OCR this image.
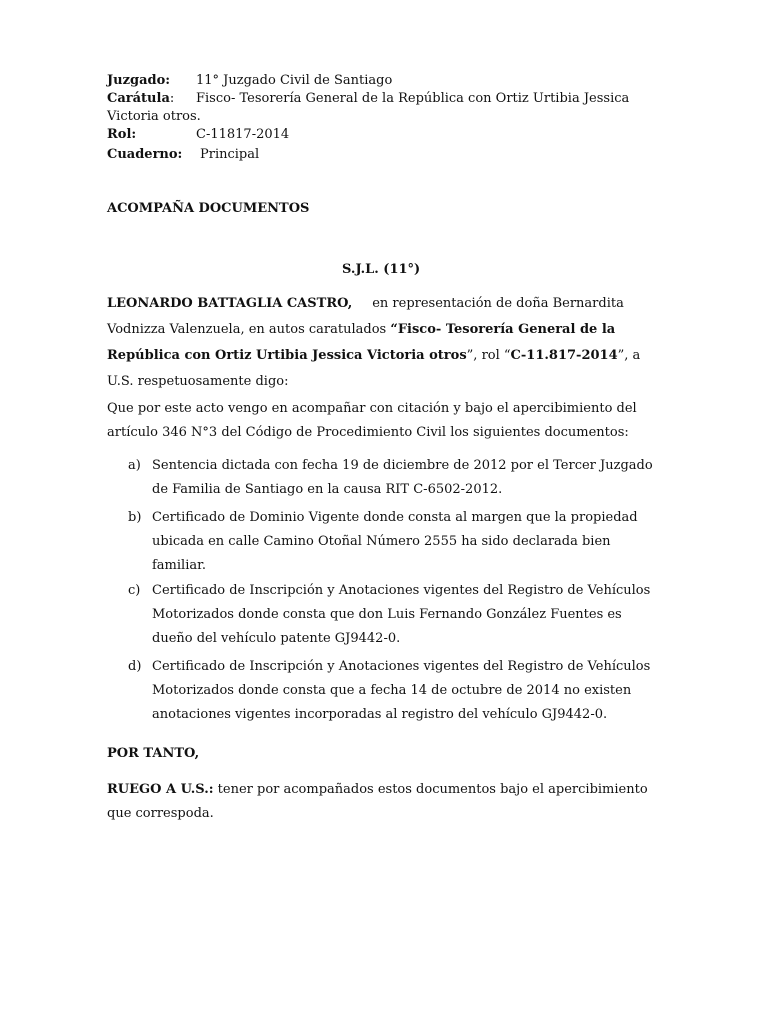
Juzgado: 11° Juzgado Civil de Santiago
Carátula: Fisco- Tesorería General de la República con Ortiz Urtibia Jessica
Victoria otros.
Rol:	C-11817-2014
Cuaderno: Principal
ACOMPAÑA DOCUMENTOS
S.J.L. (11°)
LEONARDO BATTAGLIA CASTRO, en representación de doña Bernardita
Vodnizza Valenzuela, en autos caratulados “Fisco- Tesorería General de la
República con Ortiz Urtibia Jessica Victoria otros”, rol “C-11.817-2014”, a
U.S. respetuosamente digo:
Que por este acto vengo en acompañar con citación y bajo el apercibimiento del
artículo 346 N°3 del Código de Procedimiento Civil los siguientes documentos:
a) Sentencia dictada con fecha 19 de diciembre de 2012 por el Tercer Juzgado
de Familia de Santiago en la causa RIT C-6502-2012.
b) Certificado de Dominio Vigente donde consta al margen que la propiedad
ubicada en calle Camino Otoñal Número 2555 ha sido declarada bien
familiar.
c) Certificado de Inscripción y Anotaciones vigentes del Registro de Vehículos
Motorizados donde consta que don Luis Fernando González Fuentes es
dueño del vehículo patente GJ9442-0.
d) Certificado de Inscripción y Anotaciones vigentes del Registro de Vehículos
Motorizados donde consta que a fecha 14 de octubre de 2014 no existen
anotaciones vigentes incorporadas al registro del vehículo GJ9442-0.
POR TANTO,
RUEGO A U.S.: tener por acompañados estos documentos bajo el apercibimiento
que correspoda.
